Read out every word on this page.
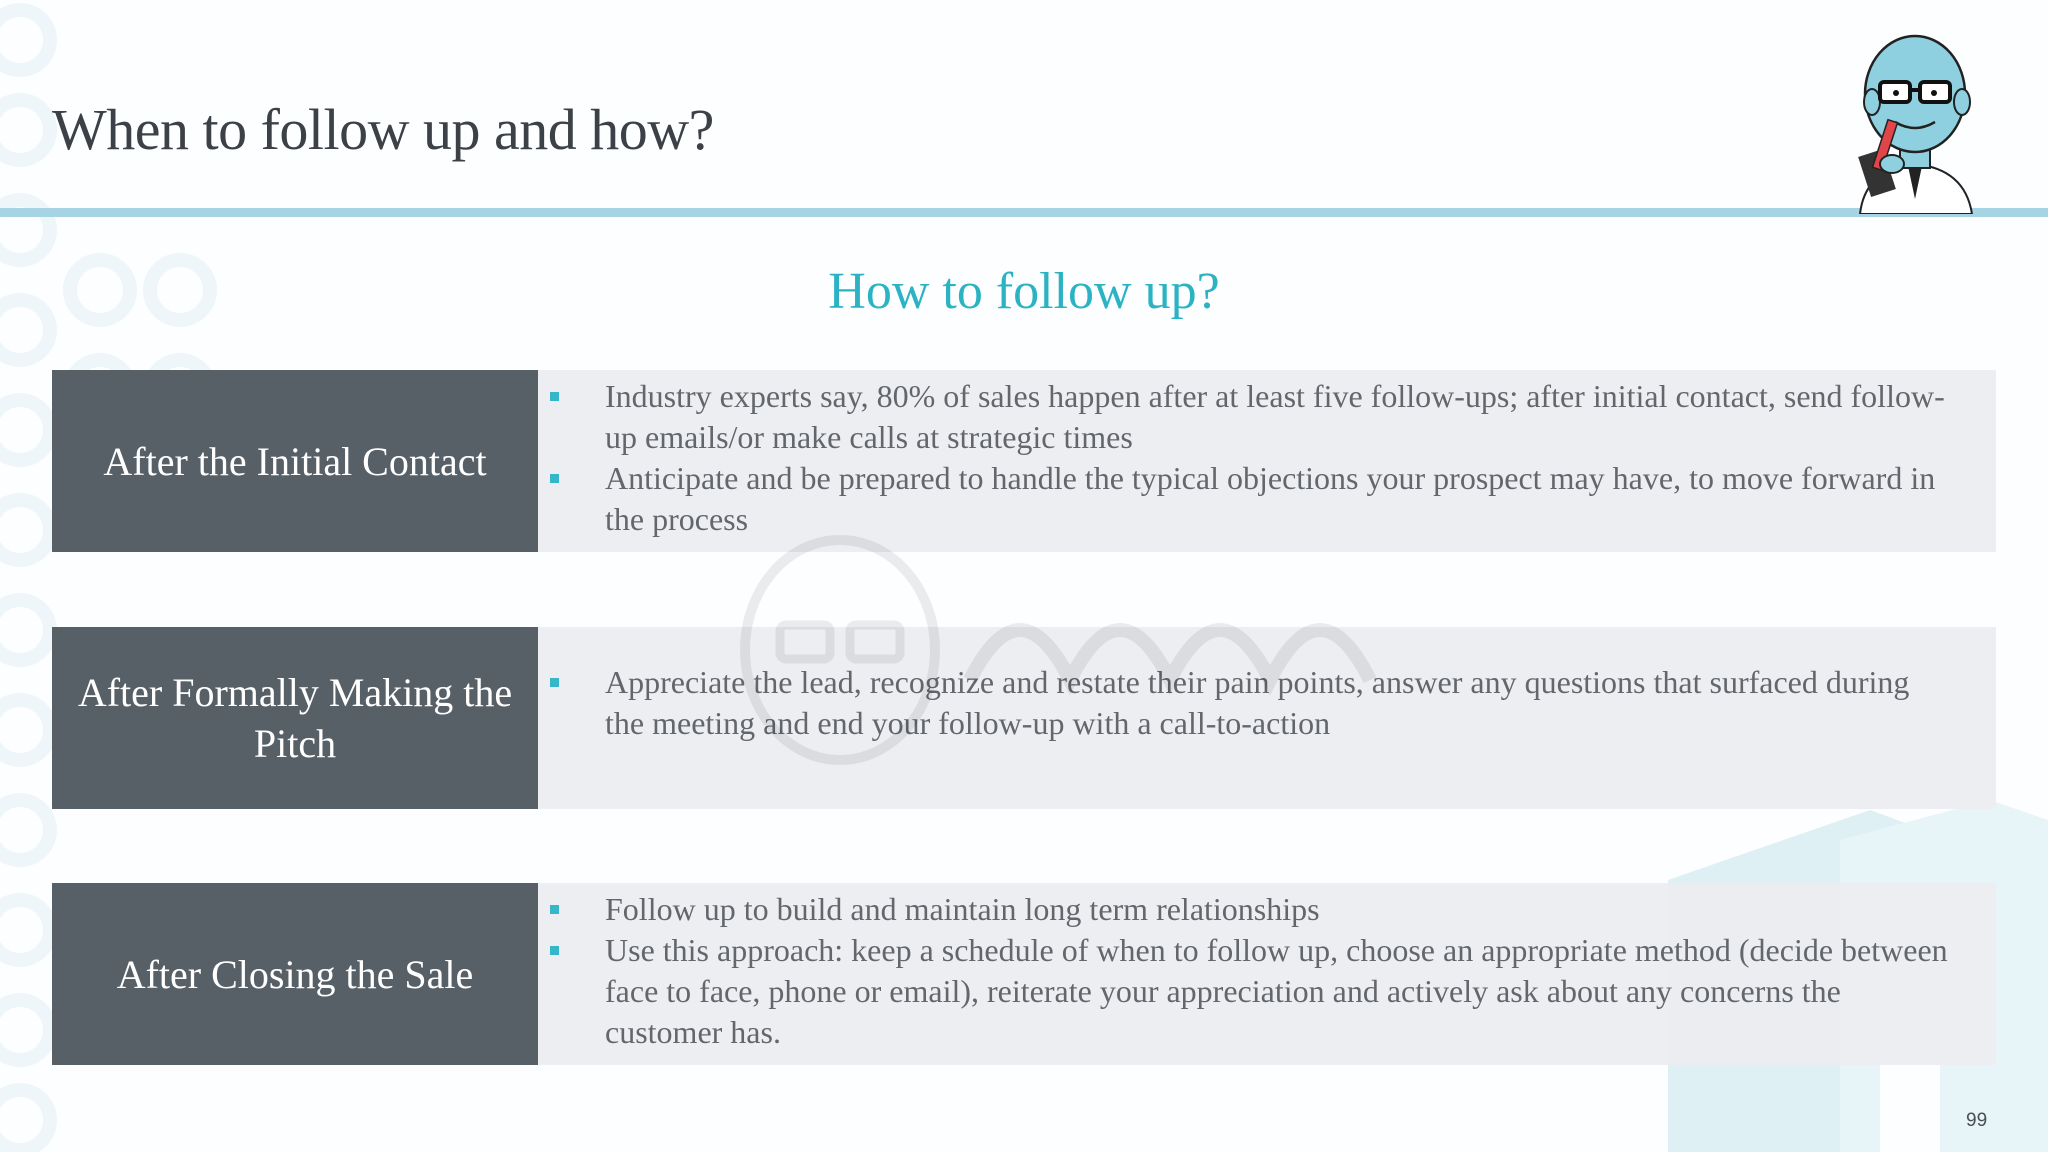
When to follow up and how?
How to follow up?
After the Initial Contact
Industry experts say, 80% of sales happen after at least five follow-ups; after initial contact, send follow-up emails/or make calls at strategic times
Anticipate and be prepared to handle the typical objections your prospect may have, to move forward in the process
After Formally Making the Pitch
Appreciate the lead, recognize and restate their pain points, answer any questions that surfaced during the meeting and end your follow-up with a call-to-action
After Closing the Sale
Follow up to build and maintain long term relationships
Use this approach: keep a schedule of when to follow up, choose an appropriate method (decide between face to face, phone or email), reiterate your appreciation and actively ask about any concerns the customer has.
99
